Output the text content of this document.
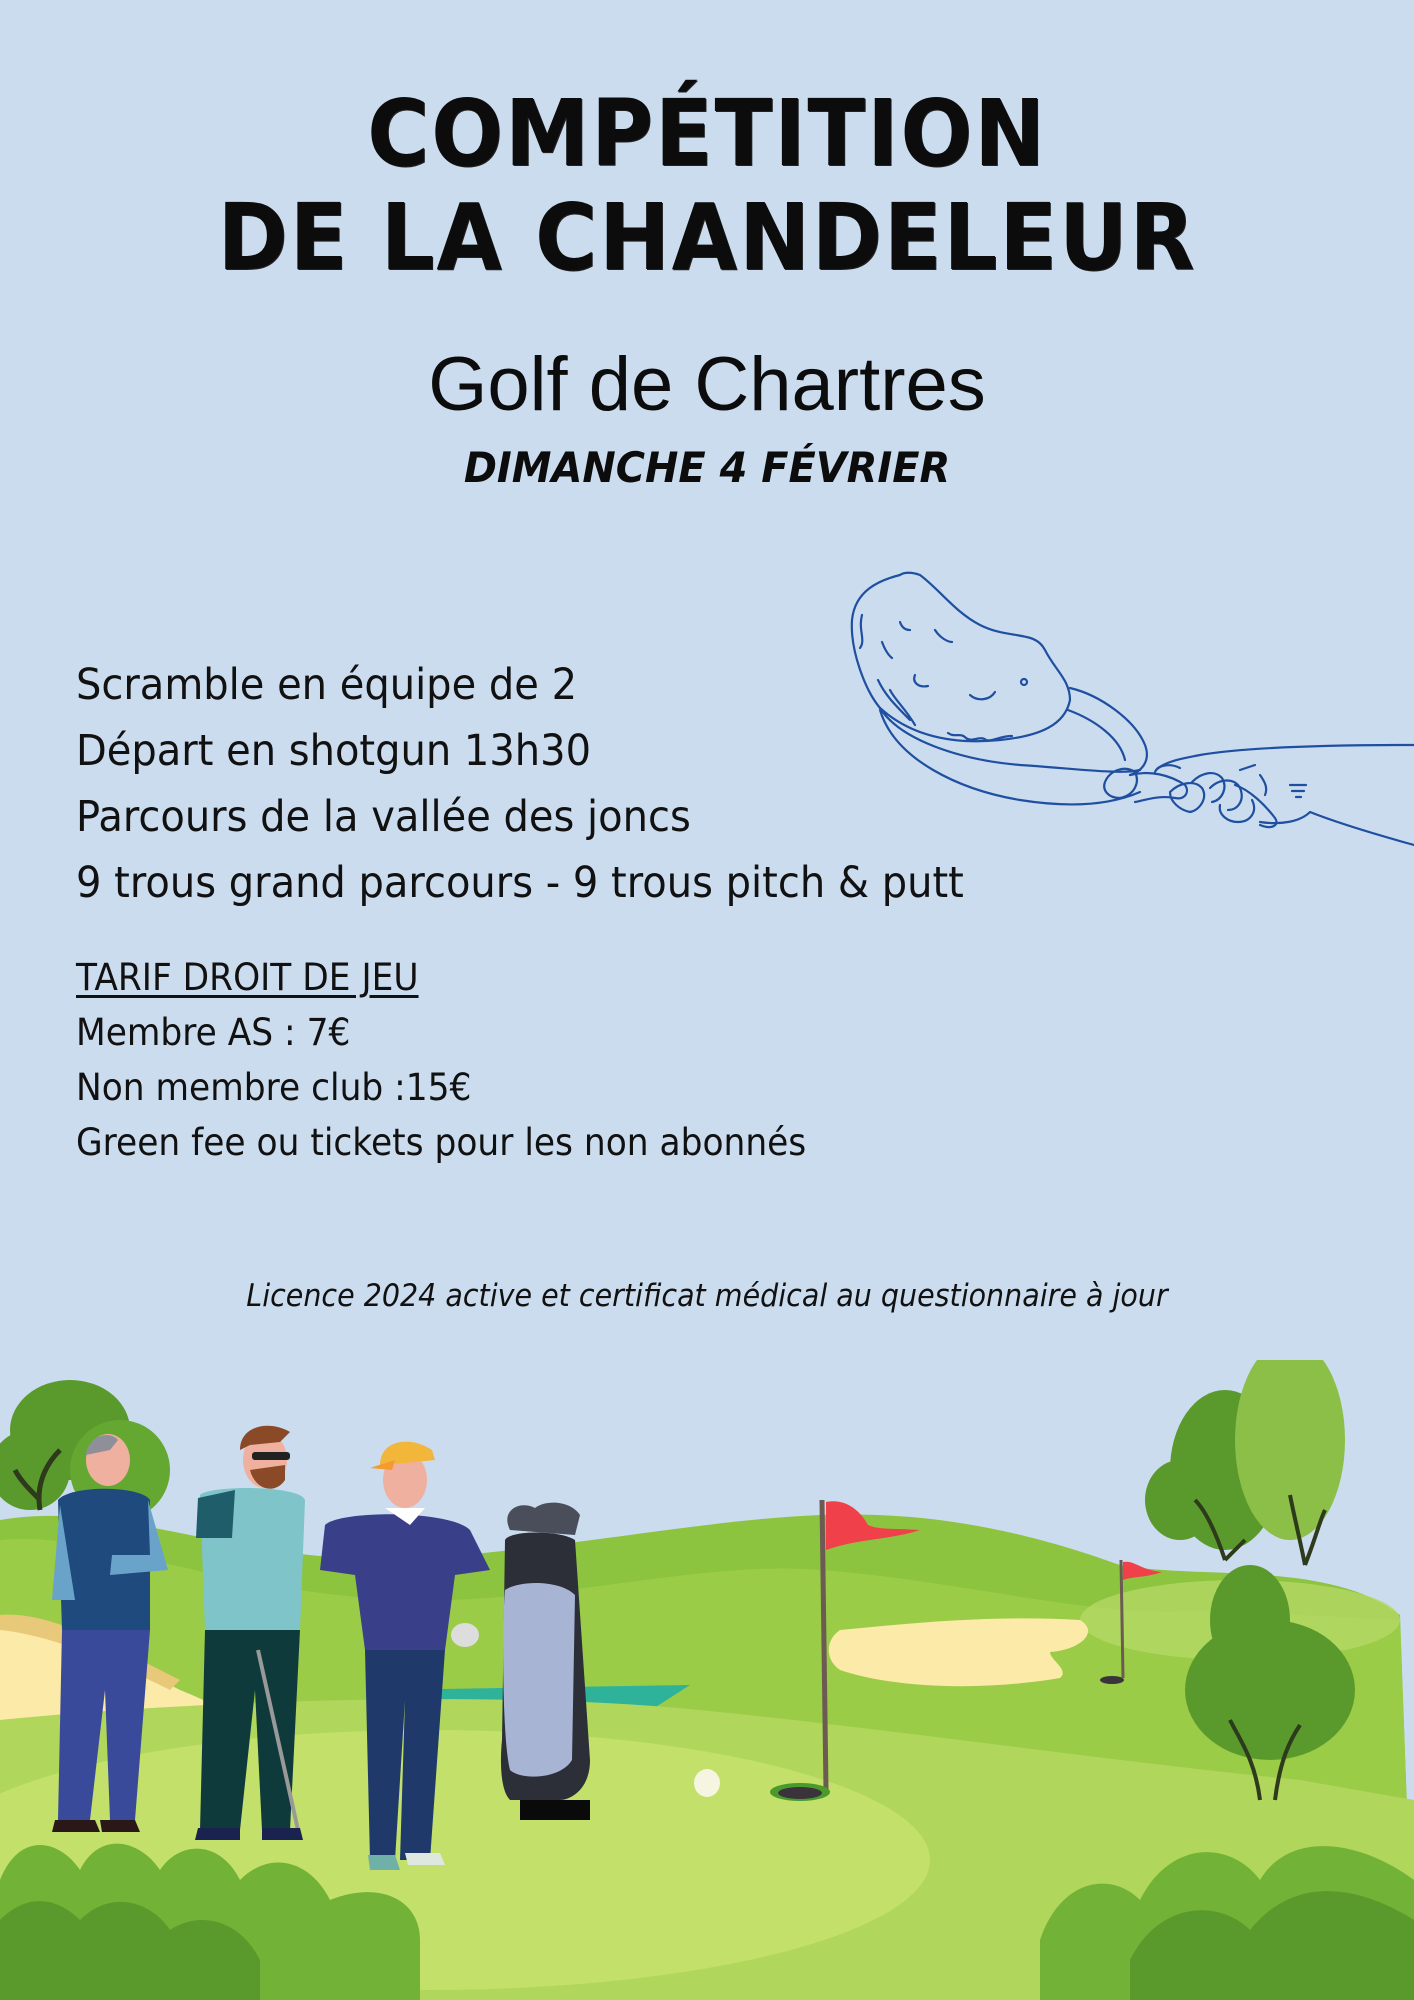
COMPÉTITION
DE LA CHANDELEUR
Golf de Chartres
DIMANCHE 4 FÉVRIER
Scramble en équipe de 2
Départ en shotgun 13h30
Parcours de la vallée des joncs
9 trous grand parcours - 9 trous pitch & putt
TARIF DROIT DE JEU
Membre AS : 7€
Non membre club :15€
Green fee ou tickets pour les non abonnés
Licence 2024 active et certificat médical au questionnaire à jour
